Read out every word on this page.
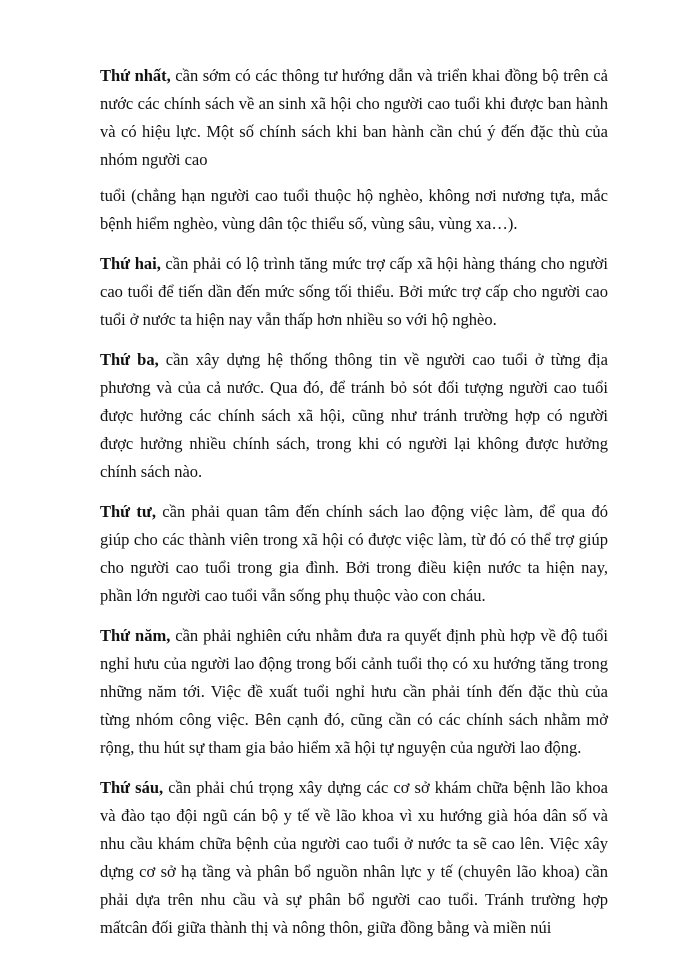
Thứ nhất, cần sớm có các thông tư hướng dẫn và triển khai đồng bộ trên cả nước các chính sách về an sinh xã hội cho người cao tuổi khi được ban hành và có hiệu lực. Một số chính sách khi ban hành cần chú ý đến đặc thù của nhóm người cao

tuổi (chẳng hạn người cao tuổi thuộc hộ nghèo, không nơi nương tựa, mắc bệnh hiểm nghèo, vùng dân tộc thiểu số, vùng sâu, vùng xa…).

Thứ hai, cần phải có lộ trình tăng mức trợ cấp xã hội hàng tháng cho người cao tuổi để tiến dần đến mức sống tối thiểu. Bởi mức trợ cấp cho người cao tuổi ở nước ta hiện nay vẫn thấp hơn nhiều so với hộ nghèo.

Thứ ba, cần xây dựng hệ thống thông tin về người cao tuổi ở từng địa phương và của cả nước. Qua đó, để tránh bỏ sót đối tượng người cao tuổi được hưởng các chính sách xã hội, cũng như tránh trường hợp có người được hưởng nhiều chính sách, trong khi có người lại không được hưởng chính sách nào.

Thứ tư, cần phải quan tâm đến chính sách lao động việc làm, để qua đó giúp cho các thành viên trong xã hội có được việc làm, từ đó có thể trợ giúp cho người cao tuổi trong gia đình. Bởi trong điều kiện nước ta hiện nay, phần lớn người cao tuổi vẫn sống phụ thuộc vào con cháu.

Thứ năm, cần phải nghiên cứu nhằm đưa ra quyết định phù hợp về độ tuổi nghỉ hưu của người lao động trong bối cảnh tuổi thọ có xu hướng tăng trong những năm tới. Việc đề xuất tuổi nghỉ hưu cần phải tính đến đặc thù của từng nhóm công việc. Bên cạnh đó, cũng cần có các chính sách nhằm mở rộng, thu hút sự tham gia bảo hiểm xã hội tự nguyện của người lao động.

Thứ sáu, cần phải chú trọng xây dựng các cơ sở khám chữa bệnh lão khoa và đào tạo đội ngũ cán bộ y tế về lão khoa vì xu hướng già hóa dân số và nhu cầu khám chữa bệnh của người cao tuổi ở nước ta sẽ cao lên. Việc xây dựng cơ sở hạ tầng và phân bổ nguồn nhân lực y tế (chuyên lão khoa) cần phải dựa trên nhu cầu và sự phân bổ người cao tuổi. Tránh trường hợp mấtcân đối giữa thành thị và nông thôn, giữa đồng bằng và miền núi
